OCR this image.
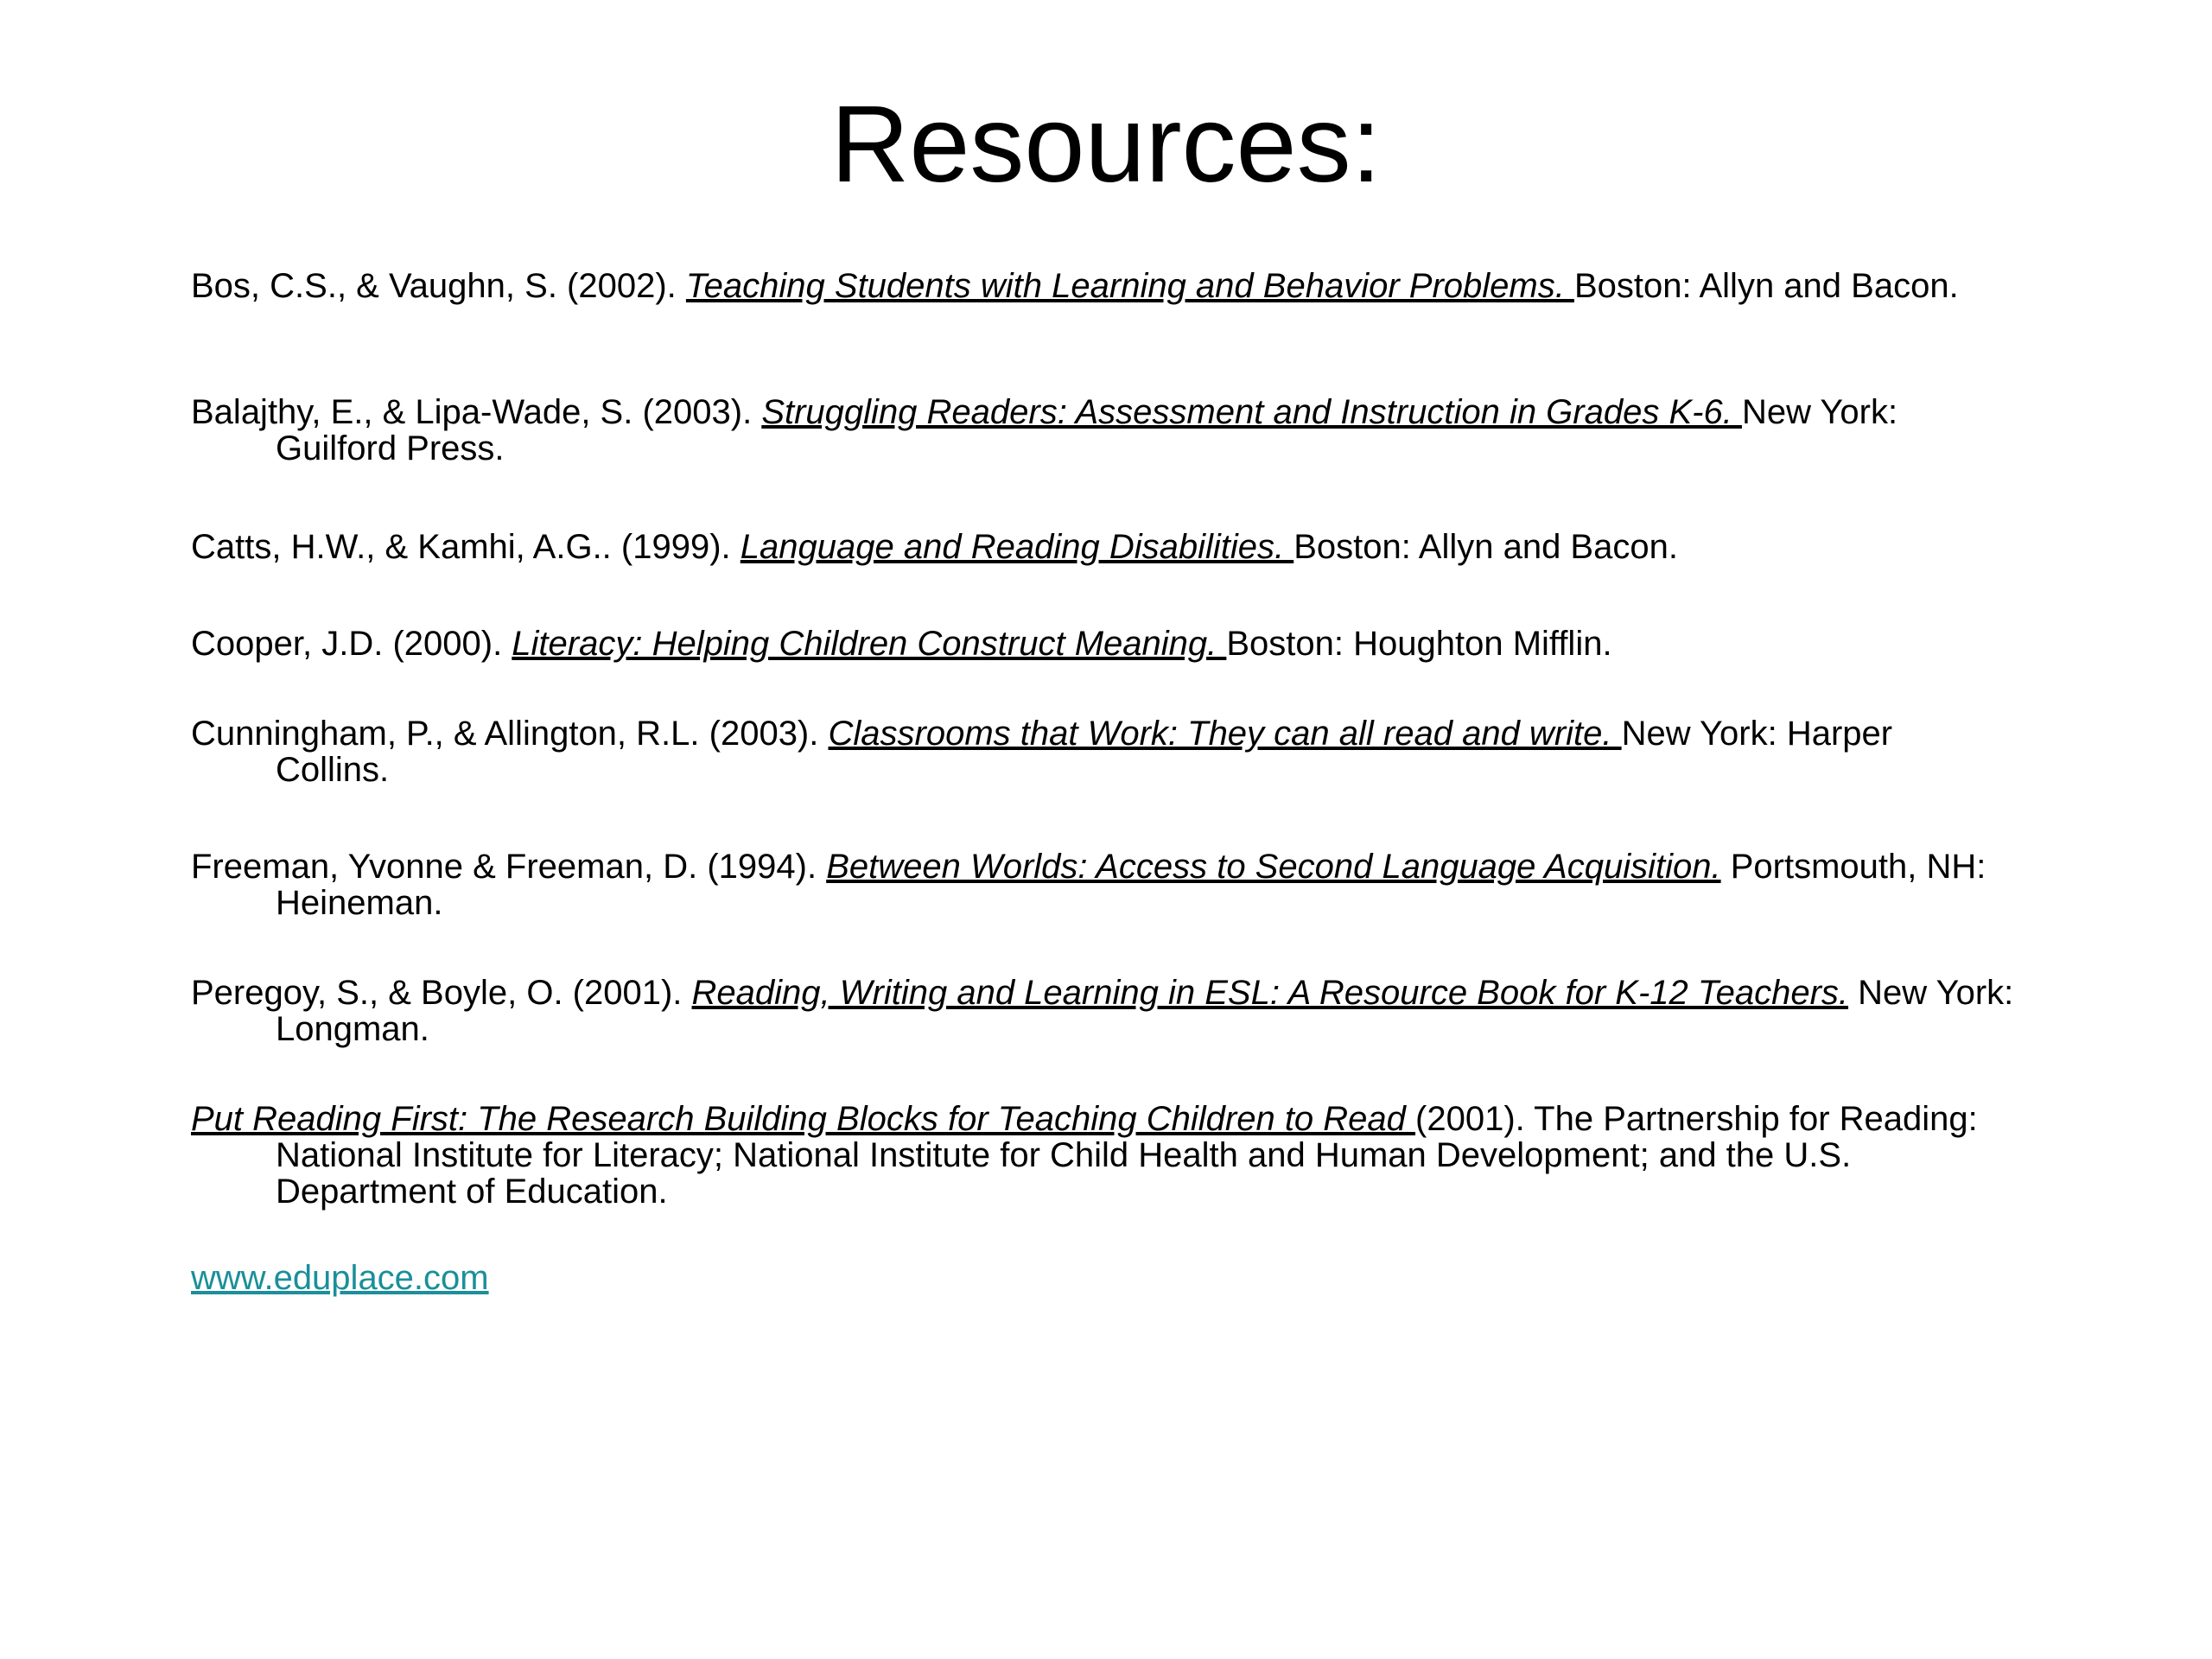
Resources:
Bos, C.S., & Vaughn, S. (2002). Teaching Students with Learning and Behavior Problems. Boston: Allyn and Bacon.
Balajthy, E., & Lipa-Wade, S. (2003). Struggling Readers: Assessment and Instruction in Grades K-6. New York: Guilford Press.
Catts, H.W., & Kamhi, A.G.. (1999). Language and Reading Disabilities. Boston: Allyn and Bacon.
Cooper, J.D. (2000). Literacy: Helping Children Construct Meaning. Boston: Houghton Mifflin.
Cunningham, P., & Allington, R.L. (2003). Classrooms that Work: They can all read and write. New York: Harper Collins.
Freeman, Yvonne & Freeman, D. (1994). Between Worlds: Access to Second Language Acquisition. Portsmouth, NH: Heineman.
Peregoy, S., & Boyle, O. (2001). Reading, Writing and Learning in ESL: A Resource Book for K-12 Teachers. New York: Longman.
Put Reading First: The Research Building Blocks for Teaching Children to Read (2001). The Partnership for Reading: National Institute for Literacy; National Institute for Child Health and Human Development; and the U.S. Department of Education.
www.eduplace.com
